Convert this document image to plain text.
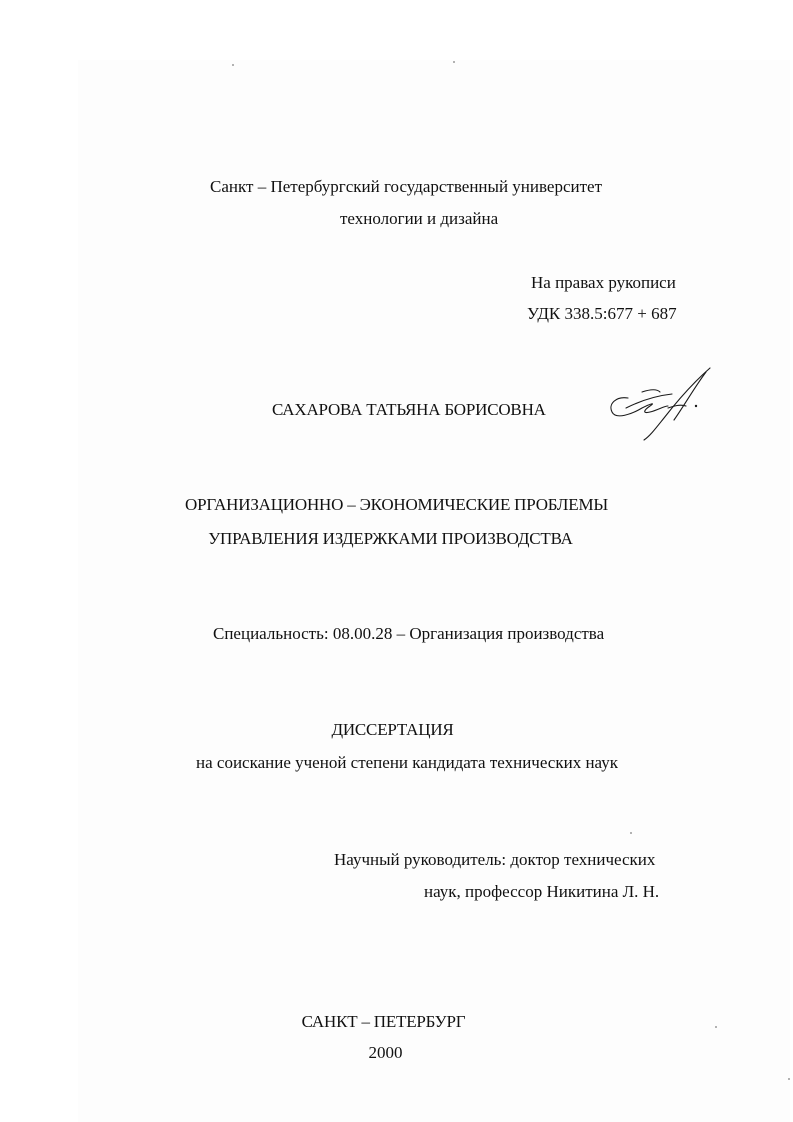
Санкт – Петербургский государственный университет
технологии и дизайна
На правах рукописи
УДК 338.5:677 + 687
САХАРОВА ТАТЬЯНА БОРИСОВНА
ОРГАНИЗАЦИОННО – ЭКОНОМИЧЕСКИЕ ПРОБЛЕМЫ
УПРАВЛЕНИЯ ИЗДЕРЖКАМИ ПРОИЗВОДСТВА
Специальность: 08.00.28 – Организация производства
ДИССЕРТАЦИЯ
на соискание ученой степени кандидата технических наук
Научный руководитель: доктор технических
наук, профессор Никитина Л. Н.
САНКТ – ПЕТЕРБУРГ
2000
